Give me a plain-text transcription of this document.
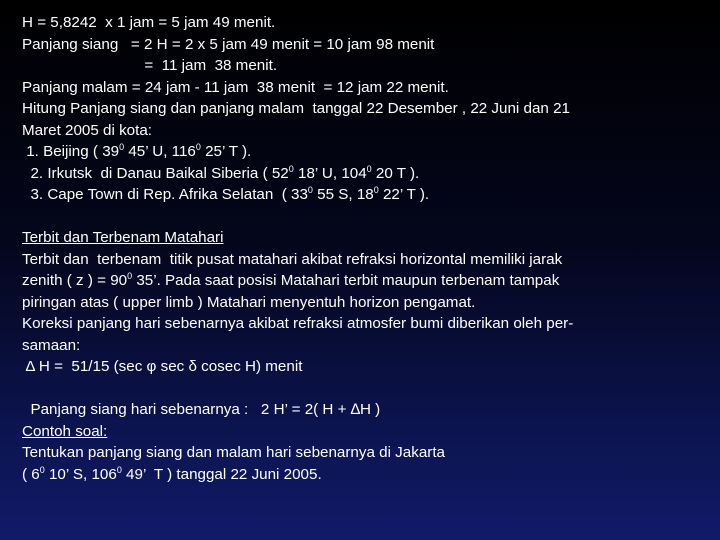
H = 5,8242  x 1 jam = 5 jam 49 menit.
Panjang siang   = 2 H = 2 x 5 jam 49 menit = 10 jam 98 menit
=  11 jam  38 menit.
Panjang malam = 24 jam - 11 jam  38 menit  = 12 jam 22 menit.
Hitung Panjang siang dan panjang malam  tanggal 22 Desember , 22 Juni dan 21
Maret 2005 di kota:
1. Beijing ( $39^0$ 45’ U, $116^0$ 25’ T ).
2. Irkutsk  di Danau Baikal Siberia ( $52^0$ 18’ U, $104^0$ 20 T ).
3. Cape Town di Rep. Afrika Selatan  ( $33^0$ 55 S, $18^0$ 22’ T ).
Terbit dan Terbenam Matahari
Terbit dan  terbenam  titik pusat matahari akibat refraksi horizontal memiliki jarak
zenith ( z ) = $90^0$ 35’. Pada saat posisi Matahari terbit maupun terbenam tampak
piringan atas ( upper limb ) Matahari menyentuh horizon pengamat.
Koreksi panjang hari sebenarnya akibat refraksi atmosfer bumi diberikan oleh per-
samaan:
Δ H =  51/15 (sec φ sec δ cosec H) menit
Panjang siang hari sebenarnya :   2 H’ = 2( H + ∆H )
Contoh soal:
Tentukan panjang siang dan malam hari sebenarnya di Jakarta
( $6^0$ 10’ S, $106^0$ 49’  T ) tanggal 22 Juni 2005.
